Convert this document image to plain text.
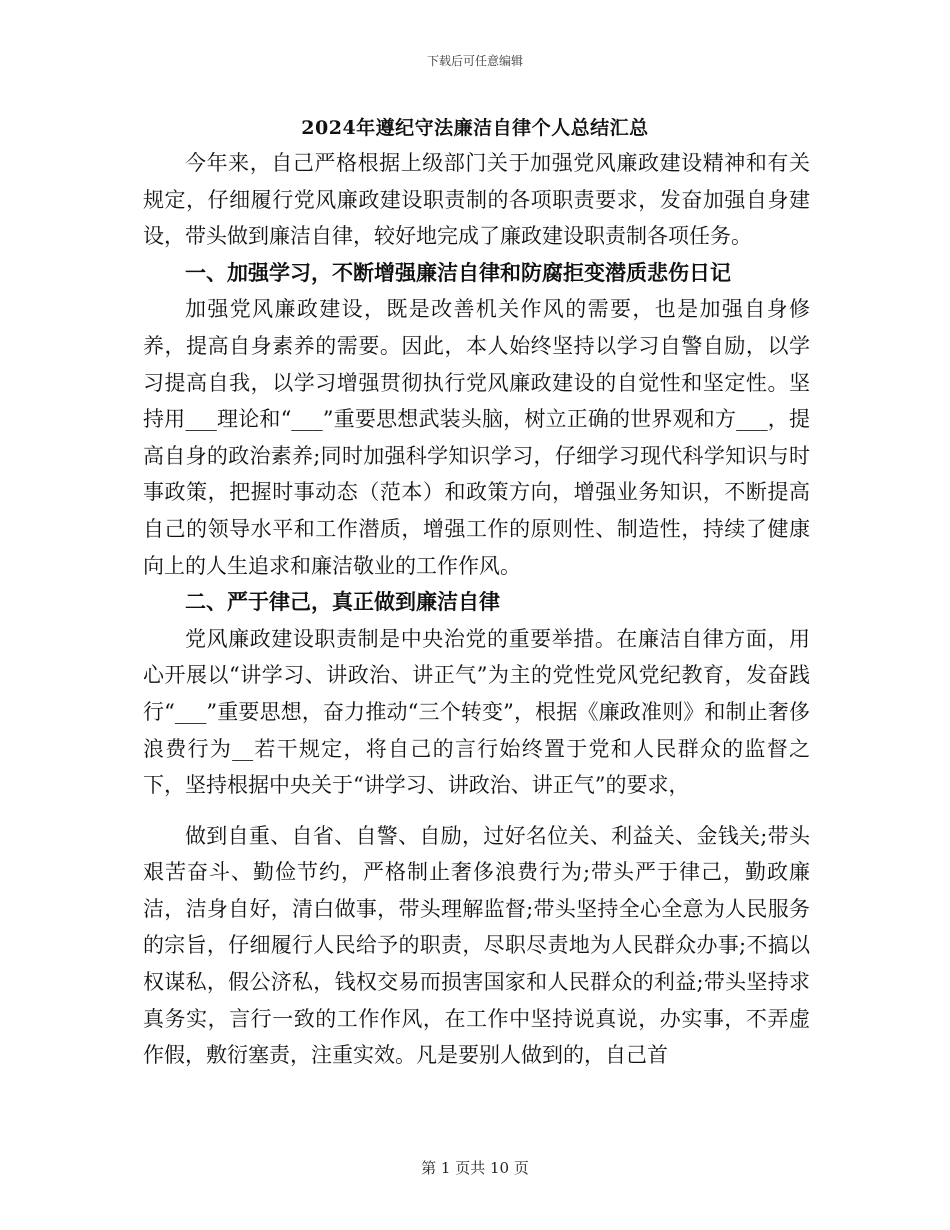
下载后可任意编辑
2024年遵纪守法廉洁自律个人总结汇总

今年来，自己严格根据上级部门关于加强党风廉政建设精神和有关规定，仔细履行党风廉政建设职责制的各项职责要求，发奋加强自身建设，带头做到廉洁自律，较好地完成了廉政建设职责制各项任务。

一、加强学习，不断增强廉洁自律和防腐拒变潜质悲伤日记

加强党风廉政建设，既是改善机关作风的需要，也是加强自身修养，提高自身素养的需要。因此，本人始终坚持以学习自警自励，以学习提高自我，以学习增强贯彻执行党风廉政建设的自觉性和坚定性。坚持用___理论和“___”重要思想武装头脑，树立正确的世界观和方___，提高自身的政治素养;同时加强科学知识学习，仔细学习现代科学知识与时事政策，把握时事动态（范本）和政策方向，增强业务知识，不断提高自己的领导水平和工作潜质，增强工作的原则性、制造性，持续了健康向上的人生追求和廉洁敬业的工作作风。

二、严于律己，真正做到廉洁自律

党风廉政建设职责制是中央治党的重要举措。在廉洁自律方面，用心开展以“讲学习、讲政治、讲正气”为主的党性党风党纪教育，发奋践行“___”重要思想，奋力推动“三个转变”，根据《廉政准则》和制止奢侈浪费行为__若干规定，将自己的言行始终置于党和人民群众的监督之下，坚持根据中央关于“讲学习、讲政治、讲正气”的要求，

做到自重、自省、自警、自励，过好名位关、利益关、金钱关;带头艰苦奋斗、勤俭节约，严格制止奢侈浪费行为;带头严于律己，勤政廉洁，洁身自好，清白做事，带头理解监督;带头坚持全心全意为人民服务的宗旨，仔细履行人民给予的职责，尽职尽责地为人民群众办事;不搞以权谋私，假公济私，钱权交易而损害国家和人民群众的利益;带头坚持求真务实，言行一致的工作作风，在工作中坚持说真说，办实事，不弄虚作假，敷衍塞责，注重实效。凡是要别人做到的，自己首

第 1 页共 10 页
